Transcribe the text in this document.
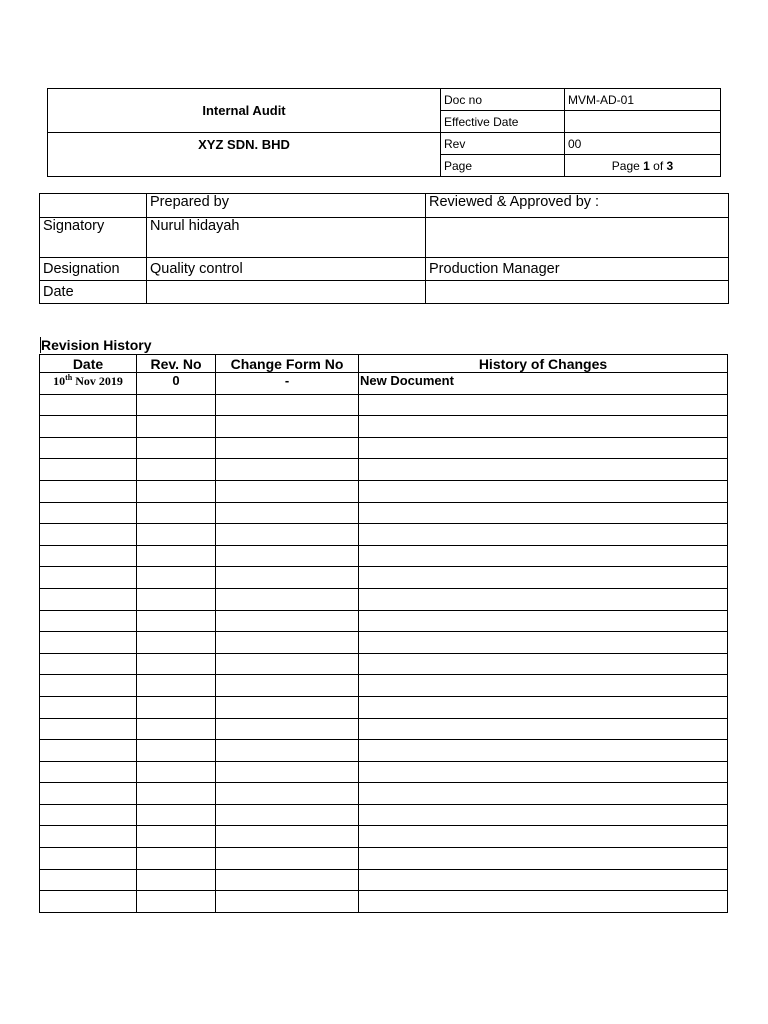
Internal Audit	Doc no	MVM-AD-01
	Effective Date	
XYZ SDN. BHD	Rev	00
	Page	Page 1 of 3
	Prepared by	Reviewed & Approved by :
Signatory	Nurul hidayah	
Designation	Quality control	Production Manager
Date		
Revision History
Date	Rev. No	Change Form No	History of Changes
10th Nov 2019	0	-	New Document
